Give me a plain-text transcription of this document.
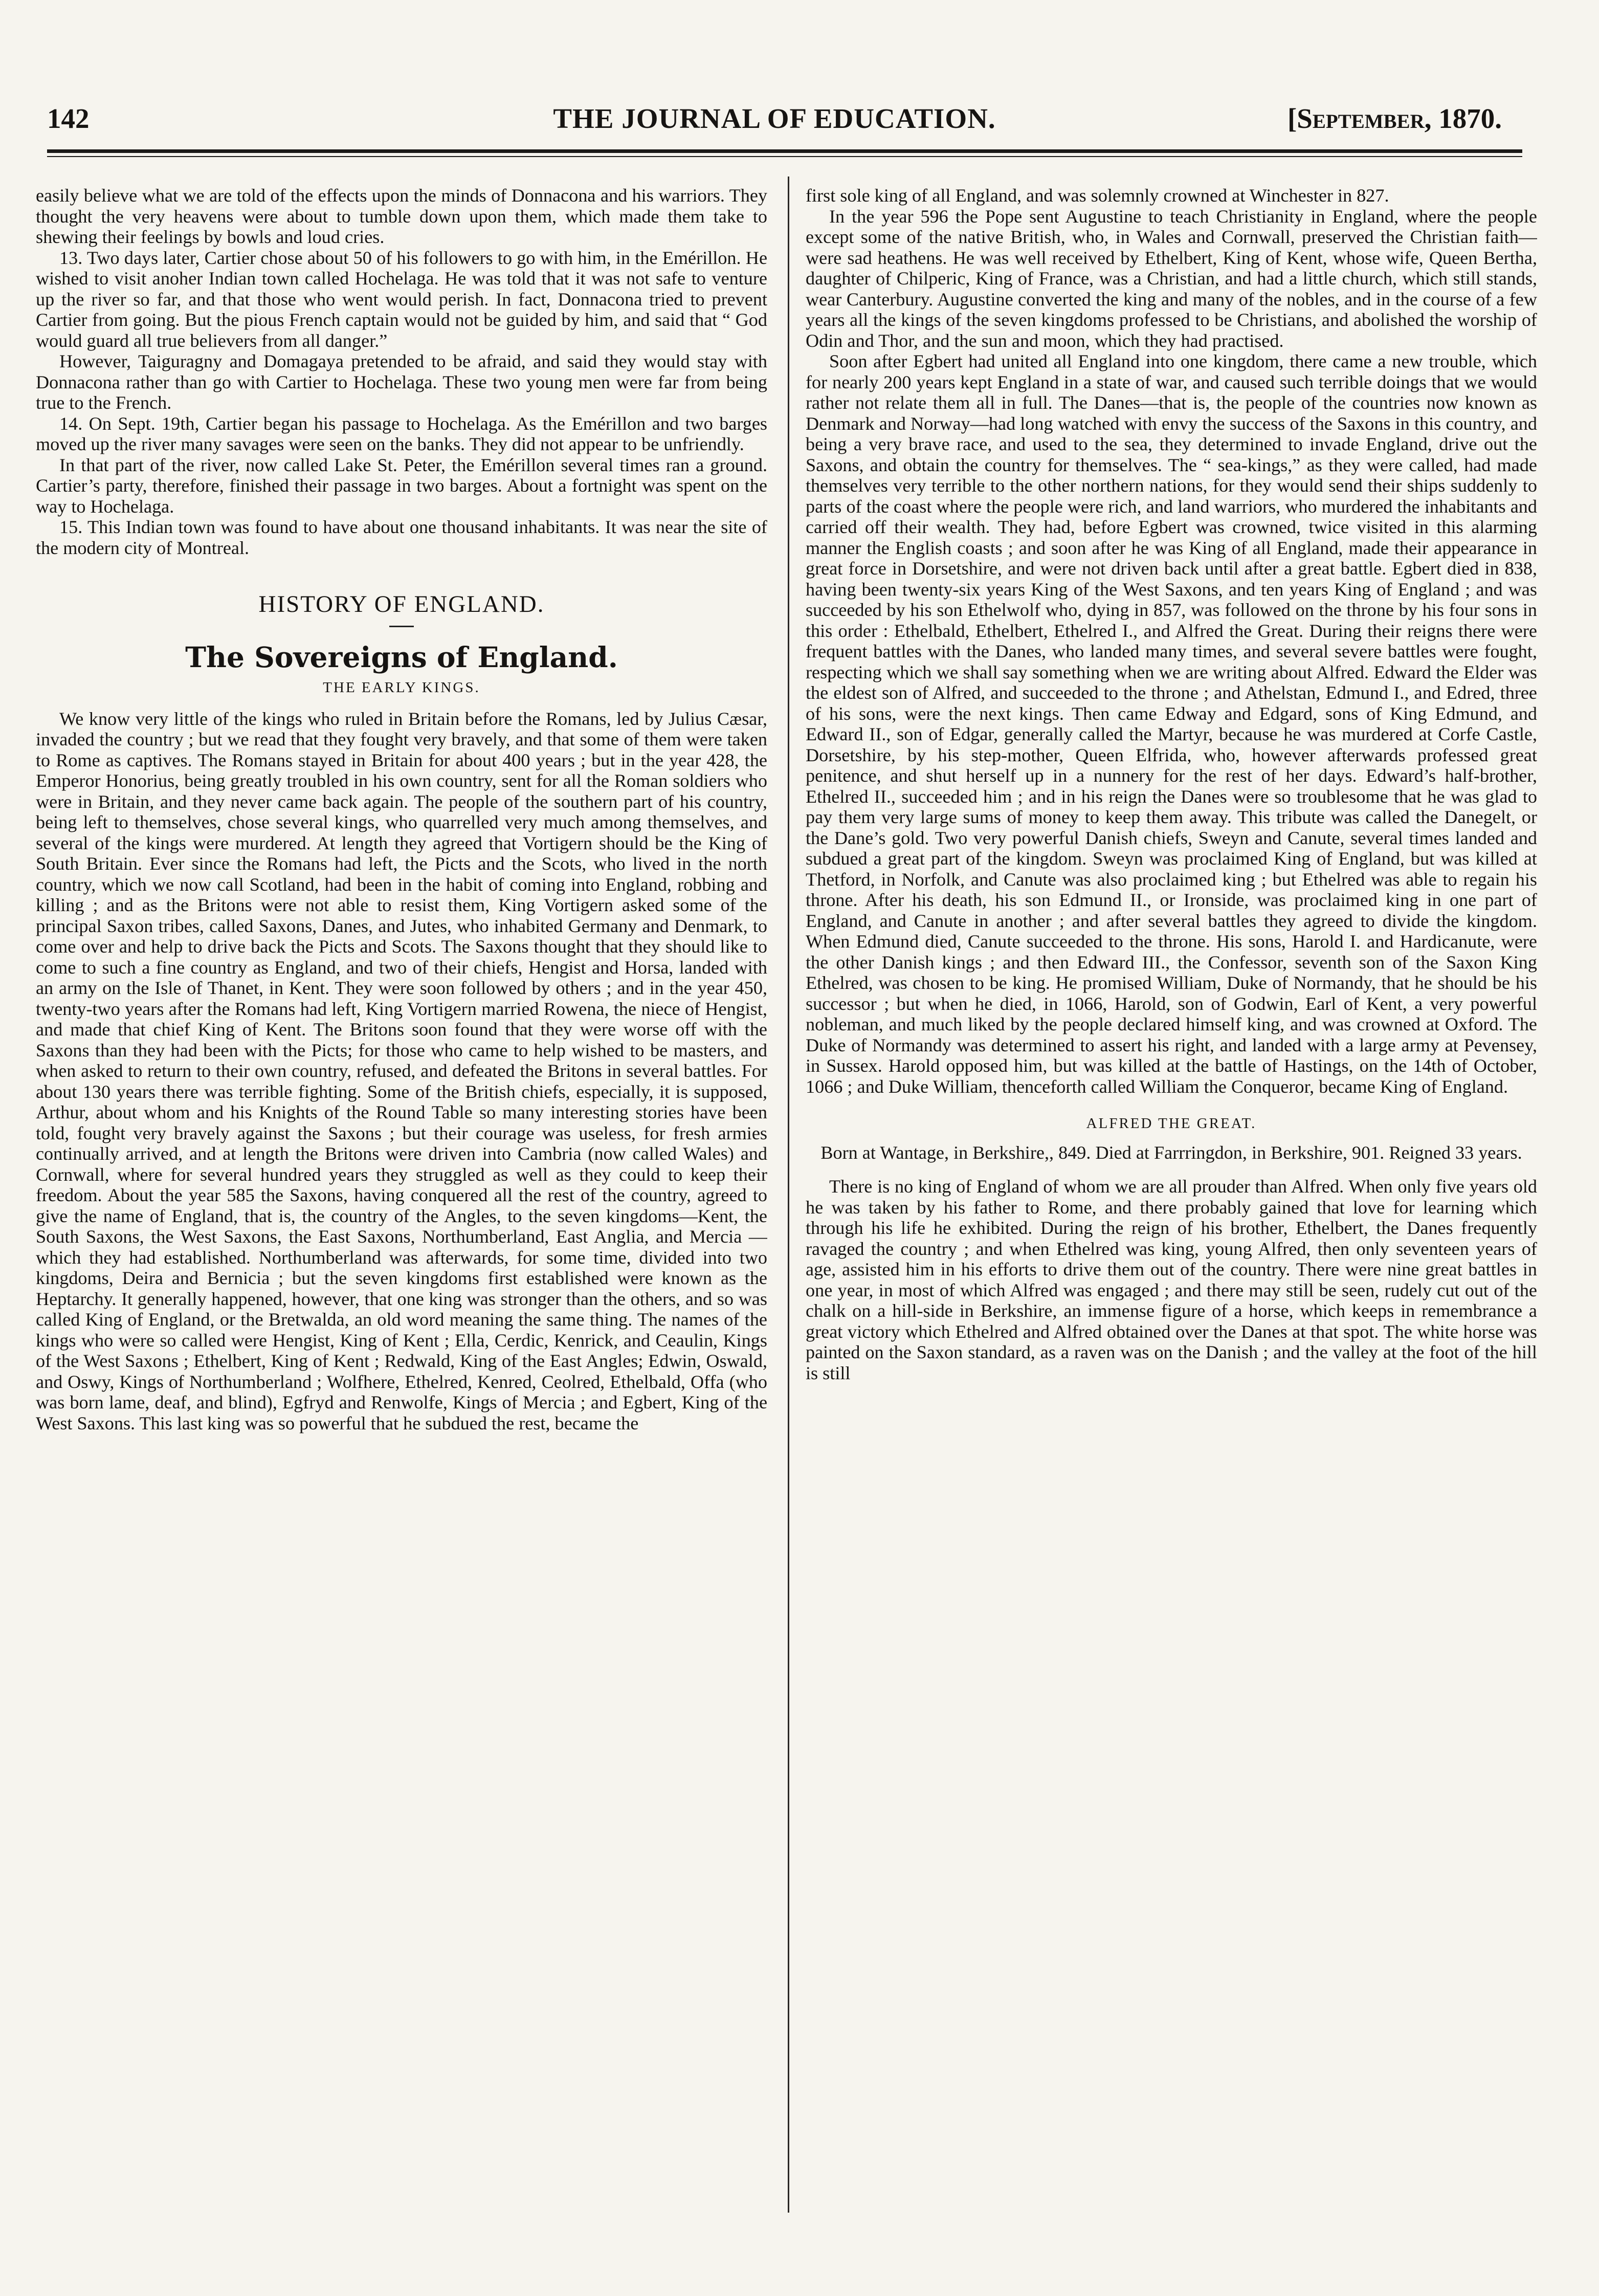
142	THE JOURNAL OF EDUCATION.	[September, 1870.

easily believe what we are told of the effects upon the minds of Donnacona and his warriors. They thought the very heavens were about to tumble down upon them, which made them take to shewing their feelings by bowls and loud cries.

13. Two days later, Cartier chose about 50 of his followers to go with him, in the Emérillon. He wished to visit anoher Indian town called Hochelaga. He was told that it was not safe to venture up the river so far, and that those who went would perish. In fact, Donnacona tried to prevent Cartier from going. But the pious French captain would not be guided by him, and said that “ God would guard all true believers from all danger.”

However, Taiguragny and Domagaya pretended to be afraid, and said they would stay with Donnacona rather than go with Cartier to Hochelaga. These two young men were far from being true to the French.

14. On Sept. 19th, Cartier began his passage to Hochelaga. As the Emérillon and two barges moved up the river many savages were seen on the banks. They did not appear to be unfriendly.

In that part of the river, now called Lake St. Peter, the Emérillon several times ran a ground. Cartier’s party, therefore, finished their passage in two barges. About a fortnight was spent on the way to Hochelaga.

15. This Indian town was found to have about one thousand inhabitants. It was near the site of the modern city of Montreal.

HISTORY OF ENGLAND.
The Sovereigns of England.
THE EARLY KINGS.

We know very little of the kings who ruled in Britain before the Romans, led by Julius Cæsar, invaded the country ; but we read that they fought very bravely, and that some of them were taken to Rome as captives. The Romans stayed in Britain for about 400 years ; but in the year 428, the Emperor Honorius, being greatly troubled in his own country, sent for all the Roman soldiers who were in Britain, and they never came back again. The people of the southern part of his country, being left to themselves, chose several kings, who quarrelled very much among themselves, and several of the kings were murdered. At length they agreed that Vortigern should be the King of South Britain. Ever since the Romans had left, the Picts and the Scots, who lived in the north country, which we now call Scotland, had been in the habit of coming into England, robbing and killing ; and as the Britons were not able to resist them, King Vortigern asked some of the principal Saxon tribes, called Saxons, Danes, and Jutes, who inhabited Germany and Denmark, to come over and help to drive back the Picts and Scots. The Saxons thought that they should like to come to such a fine country as England, and two of their chiefs, Hengist and Horsa, landed with an army on the Isle of Thanet, in Kent. They were soon followed by others ; and in the year 450, twenty-two years after the Romans had left, King Vortigern married Rowena, the niece of Hengist, and made that chief King of Kent. The Britons soon found that they were worse off with the Saxons than they had been with the Picts; for those who came to help wished to be masters, and when asked to return to their own country, refused, and defeated the Britons in several battles. For about 130 years there was terrible fighting. Some of the British chiefs, especially, it is supposed, Arthur, about whom and his Knights of the Round Table so many interesting stories have been told, fought very bravely against the Saxons ; but their courage was useless, for fresh armies continually arrived, and at length the Britons were driven into Cambria (now called Wales) and Cornwall, where for several hundred years they struggled as well as they could to keep their freedom. About the year 585 the Saxons, having conquered all the rest of the country, agreed to give the name of England, that is, the country of the Angles, to the seven kingdoms—Kent, the South Saxons, the West Saxons, the East Saxons, Northumberland, East Anglia, and Mercia —which they had established. Northumberland was afterwards, for some time, divided into two kingdoms, Deira and Bernicia ; but the seven kingdoms first established were known as the Heptarchy. It generally happened, however, that one king was stronger than the others, and so was called King of England, or the Bretwalda, an old word meaning the same thing. The names of the kings who were so called were Hengist, King of Kent ; Ella, Cerdic, Kenrick, and Ceaulin, Kings of the West Saxons ; Ethelbert, King of Kent ; Redwald, King of the East Angles; Edwin, Oswald, and Oswy, Kings of Northumberland ; Wolfhere, Ethelred, Kenred, Ceolred, Ethelbald, Offa (who was born lame, deaf, and blind), Egfryd and Renwolfe, Kings of Mercia ; and Egbert, King of the West Saxons. This last king was so powerful that he subdued the rest, became the

first sole king of all England, and was solemnly crowned at Winchester in 827.

In the year 596 the Pope sent Augustine to teach Christianity in England, where the people except some of the native British, who, in Wales and Cornwall, preserved the Christian faith— were sad heathens. He was well received by Ethelbert, King of Kent, whose wife, Queen Bertha, daughter of Chilperic, King of France, was a Christian, and had a little church, which still stands, wear Canterbury. Augustine converted the king and many of the nobles, and in the course of a few years all the kings of the seven kingdoms professed to be Christians, and abolished the worship of Odin and Thor, and the sun and moon, which they had practised.

Soon after Egbert had united all England into one kingdom, there came a new trouble, which for nearly 200 years kept England in a state of war, and caused such terrible doings that we would rather not relate them all in full. The Danes—that is, the people of the countries now known as Denmark and Norway—had long watched with envy the success of the Saxons in this country, and being a very brave race, and used to the sea, they determined to invade England, drive out the Saxons, and obtain the country for themselves. The “ sea-kings,” as they were called, had made themselves very terrible to the other northern nations, for they would send their ships suddenly to parts of the coast where the people were rich, and land warriors, who murdered the inhabitants and carried off their wealth. They had, before Egbert was crowned, twice visited in this alarming manner the English coasts ; and soon after he was King of all England, made their appearance in great force in Dorsetshire, and were not driven back until after a great battle. Egbert died in 838, having been twenty-six years King of the West Saxons, and ten years King of England ; and was succeeded by his son Ethelwolf who, dying in 857, was followed on the throne by his four sons in this order : Ethelbald, Ethelbert, Ethelred I., and Alfred the Great. During their reigns there were frequent battles with the Danes, who landed many times, and several severe battles were fought, respecting which we shall say something when we are writing about Alfred. Edward the Elder was the eldest son of Alfred, and succeeded to the throne ; and Athelstan, Edmund I., and Edred, three of his sons, were the next kings. Then came Edway and Edgard, sons of King Edmund, and Edward II., son of Edgar, generally called the Martyr, because he was murdered at Corfe Castle, Dorsetshire, by his step-mother, Queen Elfrida, who, however afterwards professed great penitence, and shut herself up in a nunnery for the rest of her days. Edward’s half-brother, Ethelred II., succeeded him ; and in his reign the Danes were so troublesome that he was glad to pay them very large sums of money to keep them away. This tribute was called the Danegelt, or the Dane’s gold. Two very powerful Danish chiefs, Sweyn and Canute, several times landed and subdued a great part of the kingdom. Sweyn was proclaimed King of England, but was killed at Thetford, in Norfolk, and Canute was also proclaimed king ; but Ethelred was able to regain his throne. After his death, his son Edmund II., or Ironside, was proclaimed king in one part of England, and Canute in another ; and after several battles they agreed to divide the kingdom. When Edmund died, Canute succeeded to the throne. His sons, Harold I. and Hardicanute, were the other Danish kings ; and then Edward III., the Confessor, seventh son of the Saxon King Ethelred, was chosen to be king. He promised William, Duke of Normandy, that he should be his successor ; but when he died, in 1066, Harold, son of Godwin, Earl of Kent, a very powerful nobleman, and much liked by the people declared himself king, and was crowned at Oxford. The Duke of Normandy was determined to assert his right, and landed with a large army at Pevensey, in Sussex. Harold opposed him, but was killed at the battle of Hastings, on the 14th of October, 1066 ; and Duke William, thenceforth called William the Conqueror, became King of England.

ALFRED THE GREAT.

Born at Wantage, in Berkshire,, 849. Died at Farrringdon, in Berkshire, 901. Reigned 33 years.

There is no king of England of whom we are all prouder than Alfred. When only five years old he was taken by his father to Rome, and there probably gained that love for learning which through his life he exhibited. During the reign of his brother, Ethelbert, the Danes frequently ravaged the country ; and when Ethelred was king, young Alfred, then only seventeen years of age, assisted him in his efforts to drive them out of the country. There were nine great battles in one year, in most of which Alfred was engaged ; and there may still be seen, rudely cut out of the chalk on a hill-side in Berkshire, an immense figure of a horse, which keeps in remembrance a great victory which Ethelred and Alfred obtained over the Danes at that spot. The white horse was painted on the Saxon standard, as a raven was on the Danish ; and the valley at the foot of the hill is still
